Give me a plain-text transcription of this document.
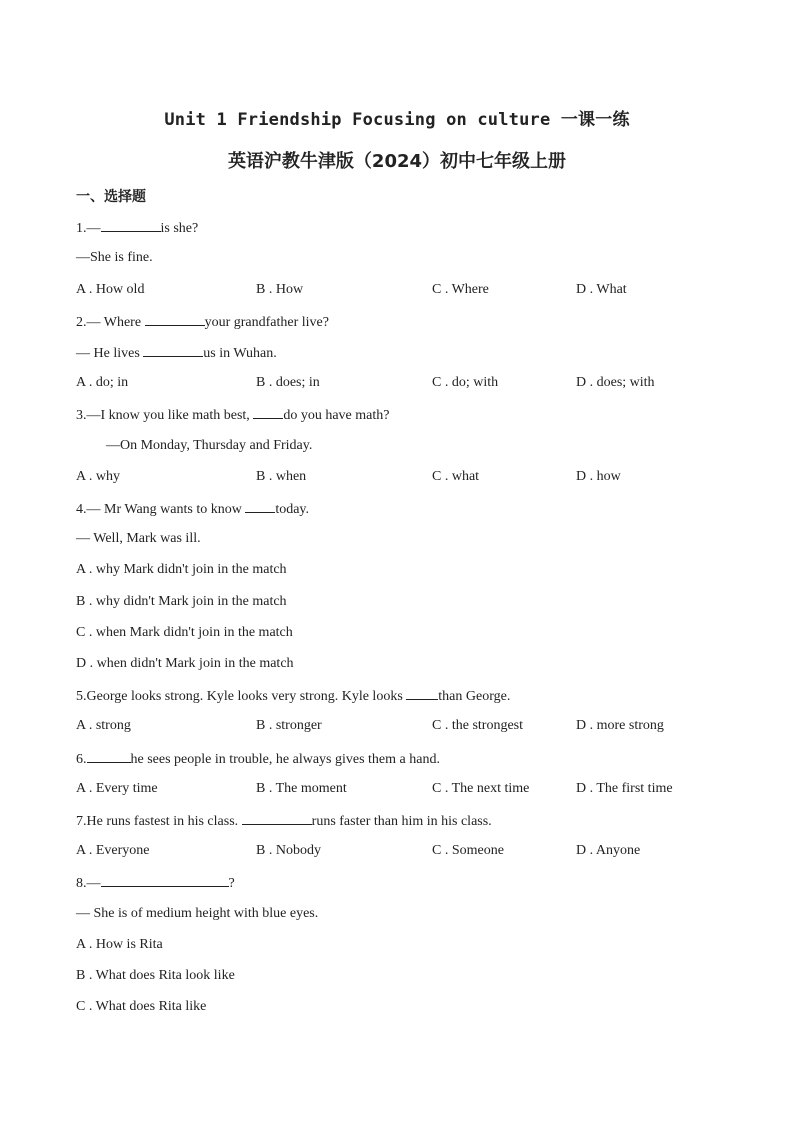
Unit 1 Friendship Focusing on culture 一课一练
英语沪教牛津版（2024）初中七年级上册
一、选择题
1.—	is she?
—She is fine.
A . How old	B . How	C . Where	D . What
2.— Where	your grandfather live?
— He lives	us in Wuhan.
A . do; in	B . does; in	C . do; with	D . does; with
3.—I know you like math best, do you have math?
—On Monday, Thursday and Friday.
A . why	B . when	C . what	D . how
4.— Mr Wang wants to know today.
— Well, Mark was ill.
A . why Mark didn't join in the match
B . why didn't Mark join in the match
C . when Mark didn't join in the match
D . when didn't Mark join in the match
5.George looks strong. Kyle looks very strong. Kyle looks than George.
A . strong	B . stronger	C . the strongest	D . more strong
6.	he sees people in trouble, he always gives them a hand.
A . Every time	B . The moment	C . The next time	D . The first time
7.He runs fastest in his class.	runs faster than him in his class.
A . Everyone	B . Nobody	C . Someone	D . Anyone
8.—	?
— She is of medium height with blue eyes.
A . How is Rita
B . What does Rita look like
C . What does Rita like
